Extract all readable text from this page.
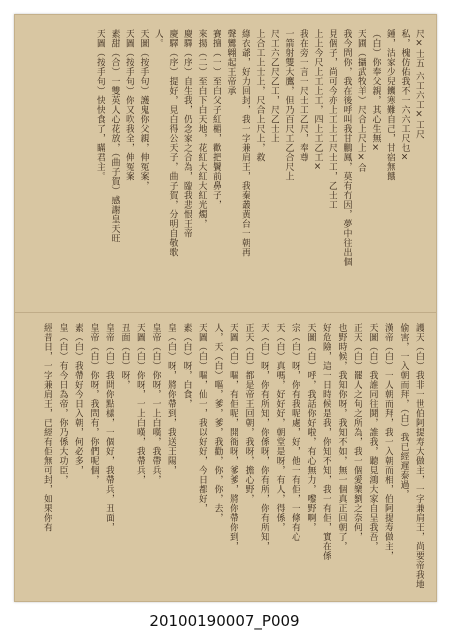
尺×士五 六工六工×工尺
私，槐仿佑我不一六六工尺乜×
鍾，沽家少兒饑寒難自己，甘宿無餓
（白）你奉父親，其心生無×
天圃（攝武牧羊）尺合上尺上×合
我今問你，我在後呼叫我甘鵬鳳，莫有冇因，夢中往出個
見個子，尚可今亦上工上工尺士工，乙士工
上上今尺上工上工，四上工乙工×
我在旁一言一尺士工乙尺，奉尊
一箭射雙大鷹，但乃百尺工乙合尺上
尺工六乙尺乙工，尺乙士上
上合工上士上，尺合上尺上，救
綠衣爺，好力回封，我一字兼肩王，我秦叢黄台一朝再
聲鸞翺起王帝承
賽擅（一）至白父子紅楣，歡把鬢前鼻子，
來揚（二）至白下白天地，花紅大紅大紅光燭，
慶驛（序）自生我，仍念家之合為，臨我悲恨王帝
慶驛（序）提好，見白得公天子，曲子賀，分明自敬歌
人。
天圖（按手句）護鬼你父親，伸冤案，
天圖（按手句）你又吹我全，伸冤案
素甜（合）一雙英人心花放，（曲子賀）感謝皇天旺
天圖（按手句）快快食了，瞞君主。
護天（白）我非一世伯阿提寿大做主，一字兼肩王，尚要帝我地
偷害，一入朝而拜，（白）我已經遲泰過，
漢帝（白）一人朝而拜，我一入朝而相，伯阿提寿做主，
天圖（白）我誰同往鬪，誰我，聽見鴻大家自呈我吾，
正天（白）罷人之旬之所為，我一個愛樂劉之奈何，
也野時候，我知你呀，我知不如，無一個真正回朝了，
好危險，這一日時候是我，你知不知，我一有佢，實在係
天圖（白）呼，我話你好啦，有心無力，嚟野啊，
宗（白）呀，你有我呢處，好，他一有佢，一條有心
天（白）真嗎，好好好，朝堂是呀，有人，得係，
天（白）呀，你有所知，你係呀，你有所，你有所知，
正天（白）都是帝王回朝，我呀，擔心野，
天圖（白）嘔，有佢呢，開衙呀，爹爹，將你帶你到，
人，天（白）嘔，爹，爹，我勸，你，你，去，
天圖（白）嘔，仙一，我以好好，今日都好，
素（白）呀，白食，
皇（白）呀，將你帶到，我送王陽，
皇帝（白）你呀，一上白嘆，我帶兵，
天圖（白）你呀，一上白嘆，我帶兵，
丑面（白）呀，
皇帝（白）我問你點樣，一個好，我帶兵，丑面，
皇帝（白）你呀，我問有，你們呢個，
素（白）我帶好今日入朝，何必多，
皇（白）有今日為帝，你乃係大功臣，
經昔日，一字兼肩王，已經有佢無可封，如果你有
20100190007_P009
